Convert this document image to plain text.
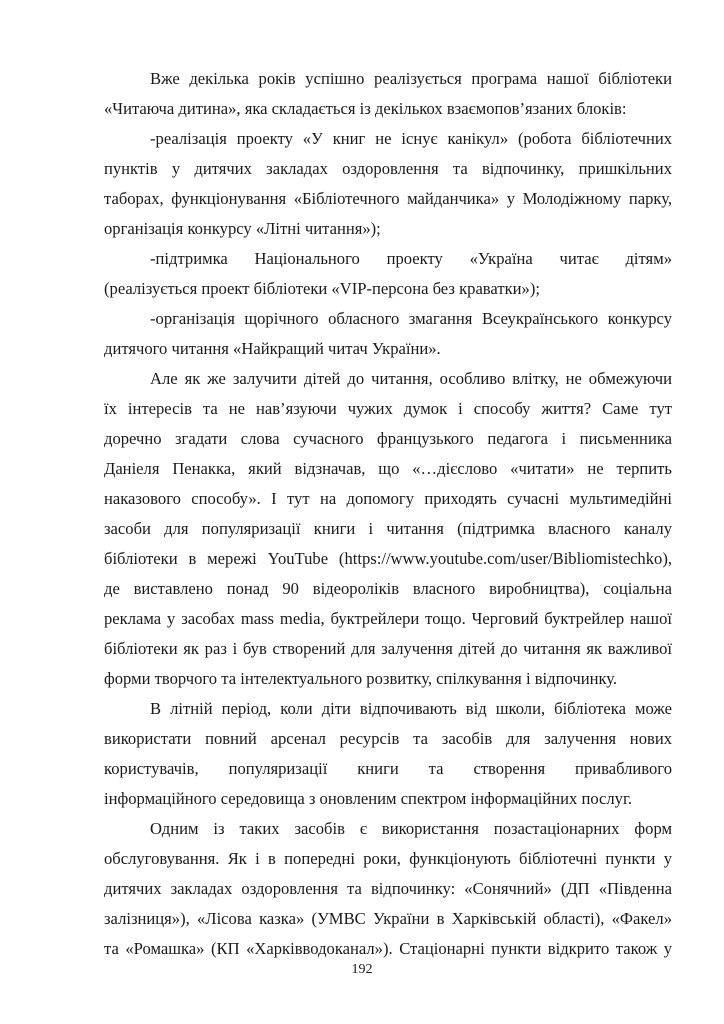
Вже декілька років успішно реалізується програма нашої бібліотеки
«Читаюча дитина», яка складається із декількох взаємопов’язаних блоків:

-реалізація проекту «У книг не існує канікул» (робота бібліотечних
пунктів у дитячих закладах оздоровлення та відпочинку, пришкільних
таборах, функціонування «Бібліотечного майданчика» у Молодіжному парку,
організація конкурсу «Літні читання»);

-підтримка Національного проекту «Україна читає дітям»
(реалізується проект бібліотеки «VIP-персона без краватки»);

-організація щорічного обласного змагання Всеукраїнського конкурсу
дитячого читання «Найкращий читач України».

Але як же залучити дітей до читання, особливо влітку, не обмежуючи
їх інтересів та не нав’язуючи чужих думок і способу життя? Саме тут
доречно згадати слова сучасного французького педагога і письменника
Даніеля Пенакка, який відзначав, що «…дієслово «читати» не терпить
наказового способу». І тут на допомогу приходять сучасні мультимедійні
засоби для популяризації книги і читання (підтримка власного каналу
бібліотеки в мережі YouTube (https://www.youtube.com/user/Bibliomistechko),
де виставлено понад 90 відеороліків власного виробництва), соціальна
реклама у засобах mass media, буктрейлери тощо. Черговий буктрейлер нашої
бібліотеки як раз і був створений для залучення дітей до читання як важливої
форми творчого та інтелектуального розвитку, спілкування і відпочинку.

В літній період, коли діти відпочивають від школи, бібліотека може
використати повний арсенал ресурсів та засобів для залучення нових
користувачів, популяризації книги та створення привабливого
інформаційного середовища з оновленим спектром інформаційних послуг.

Одним із таких засобів є використання позастаціонарних форм
обслуговування. Як і в попередні роки, функціонують бібліотечні пункти у
дитячих закладах оздоровлення та відпочинку: «Сонячний» (ДП «Південна
залізниця»), «Лісова казка» (УМВС України в Харківській області), «Факел»
та «Ромашка» (КП «Харківводоканал»). Стаціонарні пункти відкрито також у

192
